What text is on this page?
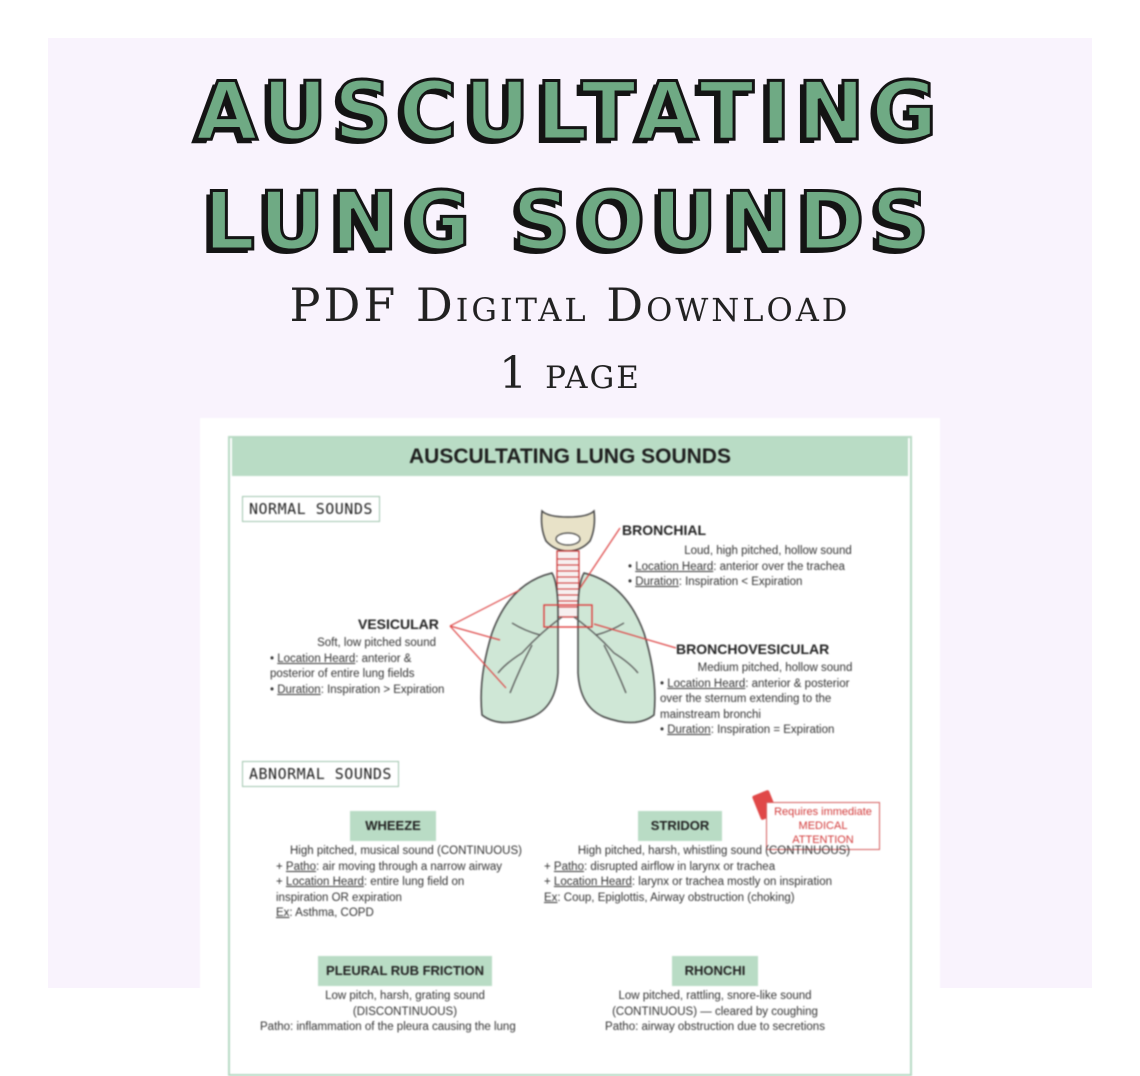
AUSCULTATING
LUNG SOUNDS
PDF Digital Download
1 page
AUSCULTATING LUNG SOUNDS
NORMAL SOUNDS
BRONCHIAL
Loud, high pitched, hollow sound
• Location Heard: anterior over the trachea
• Duration: Inspiration < Expiration
VESICULAR
Soft, low pitched sound
• Location Heard: anterior &
posterior of entire lung fields
• Duration: Inspiration > Expiration
BRONCHOVESICULAR
Medium pitched, hollow sound
• Location Heard: anterior & posterior
over the sternum extending to the
mainstream bronchi
• Duration: Inspiration = Expiration
ABNORMAL SOUNDS
WHEEZE
High pitched, musical sound (CONTINUOUS)
+ Patho: air moving through a narrow airway
+ Location Heard: entire lung field on
inspiration OR expiration
Ex: Asthma, COPD
STRIDOR
Requires immediate
MEDICAL ATTENTION
High pitched, harsh, whistling sound (CONTINUOUS)
+ Patho: disrupted airflow in larynx or trachea
+ Location Heard: larynx or trachea mostly on inspiration
Ex: Coup, Epiglottis, Airway obstruction (choking)
PLEURAL RUB FRICTION
Low pitch, harsh, grating sound
(DISCONTINUOUS)
Patho: inflammation of the pleura causing the lung
RHONCHI
Low pitched, rattling, snore-like sound
(CONTINUOUS) — cleared by coughing
Patho: airway obstruction due to secretions
